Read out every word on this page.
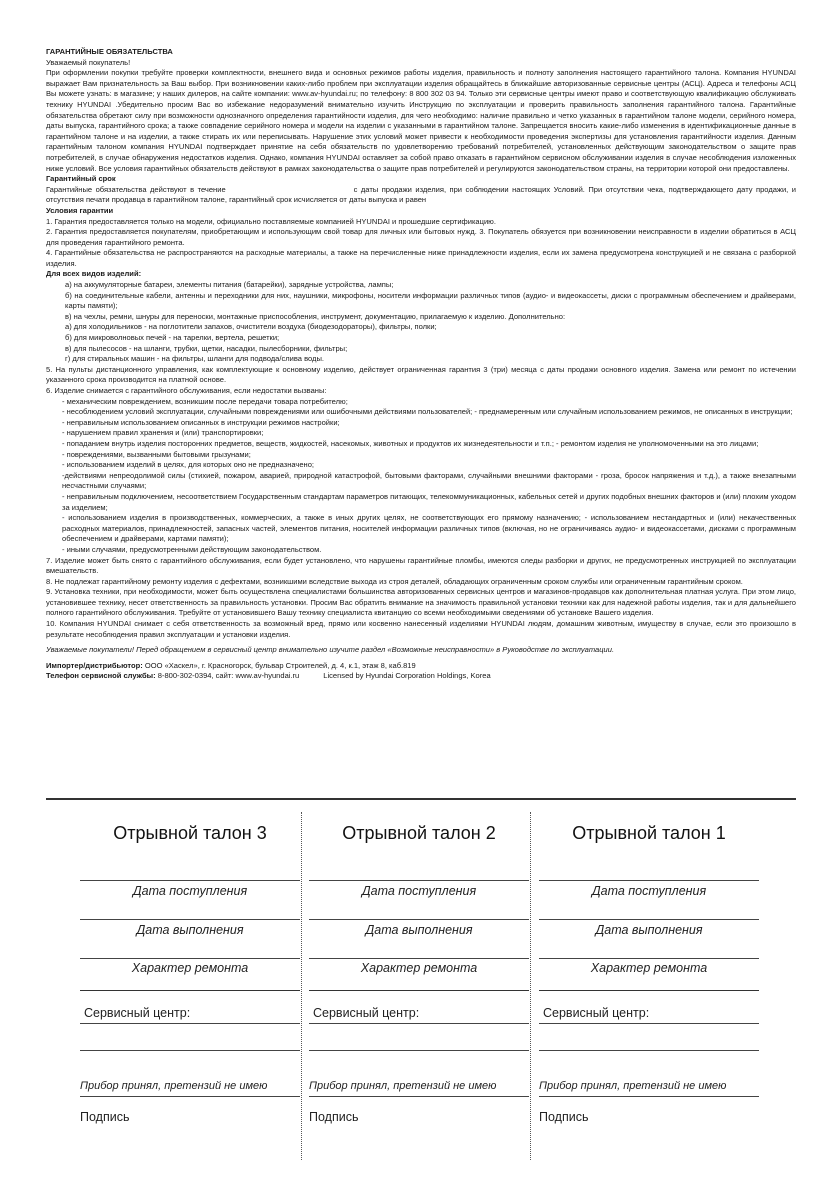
ГАРАНТИЙНЫЕ ОБЯЗАТЕЛЬСТВА

Уважаемый покупатель!

При оформлении покупки требуйте проверки комплектности, внешнего вида и основных режимов работы изделия, правильность и полноту заполнения настоящего гарантийного талона. Компания HYUNDAI выражает Вам признательность за Ваш выбор. При возникновении каких-либо проблем при эксплуатации изделия обращайтесь в ближайшие авторизованные сервисные центры (АСЦ). Адреса и телефоны АСЦ Вы можете узнать: в магазине; у наших дилеров, на сайте компании: www.av-hyundai.ru; по телефону: 8 800 302 03 94. Только эти сервисные центры имеют право и соответствующую квалификацию обслуживать технику HYUNDAI .Убедительно просим Вас во избежание недоразумений внимательно изучить Инструкцию по эксплуатации и проверить правильность заполнения гарантийного талона. Гарантийные обязательства обретают силу при возможности однозначного определения гарантийности изделия, для чего необходимо: наличие правильно и четко указанных в гарантийном талоне модели, серийного номера, даты выпуска, гарантийного срока; а также совпадение серийного номера и модели на изделии с указанными в гарантийном талоне. Запрещается вносить какие-либо изменения в идентификационные данные в гарантийном талоне и на изделии, а также стирать их или переписывать. Нарушение этих условий может привести к необходимости проведения экспертизы для установления гарантийности изделия. Данным гарантийным талоном компания HYUNDAI подтверждает принятие на себя обязательств по удовлетворению требований потребителей, установленных действующим законодательством о защите прав потребителей, в случае обнаружения недостатков изделия. Однако, компания HYUNDAI оставляет за собой право отказать в гарантийном сервисном обслуживании изделия в случае несоблюдения изложенных ниже условий. Все условия гарантийных обязательств действуют в рамках законодательства о защите прав потребителей и регулируются законодательством страны, на территории которой они предоставлены.

Гарантийный срок

Гарантийные обязательства действуют в течение	с даты продажи изделия, при соблюдении настоящих Условий. При отсутствии чека, подтверждающего дату продажи, и отсутствия печати продавца в гарантийном талоне, гарантийный срок исчисляется от даты выпуска и равен

Условия гарантии

1. Гарантия предоставляется только на модели, официально поставляемые компанией HYUNDAI и прошедшие сертификацию.

2. Гарантия предоставляется покупателям, приобретающим и использующим свой товар для личных или бытовых нужд. 3. Покупатель обязуется при возникновении неисправности в изделии обратиться в АСЦ для проведения гарантийного ремонта.

4. Гарантийные обязательства не распространяются на расходные материалы, а также на перечисленные ниже принадлежности изделия, если их замена предусмотрена конструкцией и не связана с разборкой изделия.

Для всех видов изделий:

а) на аккумуляторные батареи, элементы питания (батарейки), зарядные устройства, лампы;

б) на соединительные кабели, антенны и переходники для них, наушники, микрофоны, носители информации различных типов (аудио- и видеокассеты, диски с программным обеспечением и драйверами, карты памяти);

в) на чехлы, ремни, шнуры для переноски, монтажные приспособления, инструмент, документацию, прилагаемую к изделию. Дополнительно:

а) для холодильников - на поглотители запахов, очистители воздуха (биодезодораторы), фильтры, полки;

б) для микроволновых печей - на тарелки, вертела, решетки;

в) для пылесосов - на шланги, трубки, щетки, насадки, пылесборники, фильтры;

г) для стиральных машин - на фильтры, шланги для подвода/слива воды.

5. На пульты дистанционного управления, как комплектующие к основному изделию, действует ограниченная гарантия 3 (три) месяца с даты продажи основного изделия. Замена или ремонт по истечении указанного срока производится на платной основе.

6. Изделие снимается с гарантийного обслуживания, если недостатки вызваны:

- механическим повреждением, возникшим после передачи товара потребителю;

- несоблюдением условий эксплуатации, случайными повреждениями или ошибочными действиями пользователей; - преднамеренным или случайным использованием режимов, не описанных в инструкции;

- неправильным использованием описанных в инструкции режимов настройки;

- нарушением правил хранения и (или) транспортировки;

- попаданием внутрь изделия посторонних предметов, веществ, жидкостей, насекомых, животных и продуктов их жизнедеятельности и т.п.; - ремонтом изделия не уполномоченными на это лицами;

- повреждениями, вызванными бытовыми грызунами;

- использованием изделий в целях, для которых оно не предназначено;

-действиями непреодолимой силы (стихией, пожаром, аварией, природной катастрофой, бытовыми факторами, случайными внешними факторами - гроза, бросок напряжения и т.д.), а также внезапными несчастными случаями;

- неправильным подключением, несоответствием Государственным стандартам параметров питающих, телекоммуникационных, кабельных сетей и других подобных внешних факторов и (или) плохим уходом за изделием;

- использованием изделия в производственных, коммерческих, а также в иных других целях, не соответствующих его прямому назначению; - использованием нестандартных и (или) некачественных расходных материалов, принадлежностей, запасных частей, элементов питания, носителей информации различных типов (включая, но не ограничиваясь аудио- и видеокассетами, дисками с программным обеспечением и драйверами, картами памяти);

- иными случаями, предусмотренными действующим законодательством.

7. Изделие может быть снято с гарантийного обслуживания, если будет установлено, что нарушены гарантийные пломбы, имеются следы разборки и других, не предусмотренных инструкцией по эксплуатации вмешательств.

8. Не подлежат гарантийному ремонту изделия с дефектами, возникшими вследствие выхода из строя деталей, обладающих ограниченным сроком службы или ограниченным гарантийным сроком.

9. Установка техники, при необходимости, может быть осуществлена специалистами большинства авторизованных сервисных центров и магазинов-продавцов как дополнительная платная услуга. При этом лицо, установившее технику, несет ответственность за правильность установки. Просим Вас обратить внимание на значимость правильной установки техники как для надежной работы изделия, так и для дальнейшего полного гарантийного обслуживания. Требуйте от установившего Вашу технику специалиста квитанцию со всеми необходимыми сведениями об установке Вашего изделия.

10. Компания HYUNDAI снимает с себя ответственность за возможный вред, прямо или косвенно нанесенный изделиями HYUNDAI людям, домашним животным, имуществу в случае, если это произошло в результате несоблюдения правил эксплуатации и установки изделия.

Уважаемые покупатели! Перед обращением в сервисный центр внимательно изучите раздел «Возможные неисправности» в Руководстве по эксплуатации.

Импортер/дистрибьютор: ООО «Хаскел», г. Красногорск, бульвар Строителей, д. 4, к.1, этаж 8, каб.819

Телефон сервисной службы: 8-800-302-0394, сайт: www.av-hyundai.ru	Licensed by Hyundai Corporation Holdings, Korea

Отрывной талон 3
Дата поступления
Дата выполнения
Характер ремонта
Сервисный центр:
Прибор принял, претензий не имею
Подпись
Отрывной талон 2
Дата поступления
Дата выполнения
Характер ремонта
Сервисный центр:
Прибор принял, претензий не имею
Подпись
Отрывной талон 1
Дата поступления
Дата выполнения
Характер ремонта
Сервисный центр:
Прибор принял, претензий не имею
Подпись
